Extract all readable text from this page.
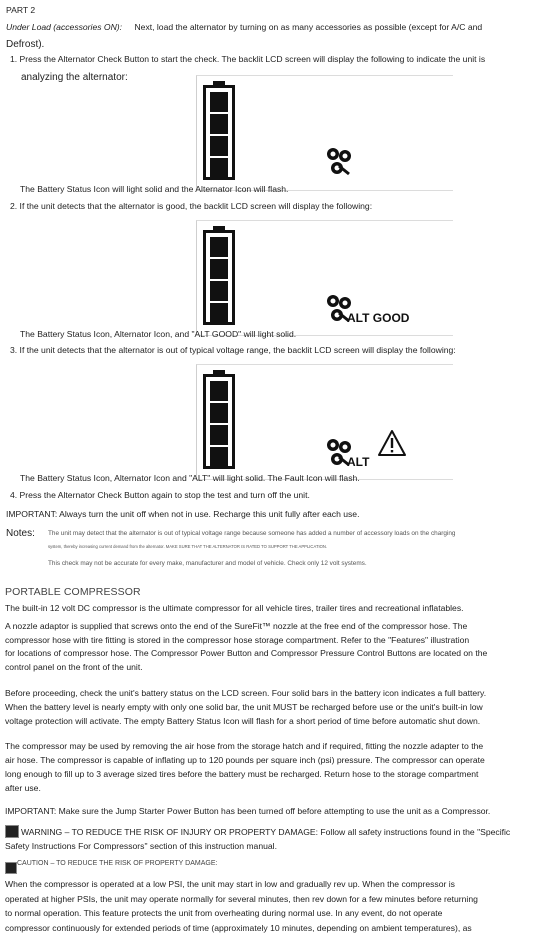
PART 2
Under Load (accessories ON): Next, load the alternator by turning on as many accessories as possible (except for A/C and
Defrost).
1. Press the Alternator Check Button to start the check. The backlit LCD screen will display the following to indicate the unit is
analyzing the alternator:
The Battery Status Icon will light solid and the Alternator Icon will flash.
2. If the unit detects that the alternator is good, the backlit LCD screen will display the following:
ALT GOOD
The Battery Status Icon, Alternator Icon, and "ALT GOOD" will light solid.
3. If the unit detects that the alternator is out of typical voltage range, the backlit LCD screen will display the following:
ALT
The Battery Status Icon, Alternator Icon and "ALT" will light solid. The Fault Icon will flash.
4. Press the Alternator Check Button again to stop the test and turn off the unit.
IMPORTANT: Always turn the unit off when not in use. Recharge this unit fully after each use.
Notes: The unit may detect that the alternator is out of typical voltage range because someone has added a number of accessory loads on the charging
system, thereby increasing current demand from the alternator. MAKE SURE THAT THE ALTERNATOR IS RATED TO SUPPORT THE APPLICATION.
This check may not be accurate for every make, manufacturer and model of vehicle. Check only 12 volt systems.
PORTABLE COMPRESSOR
The built-in 12 volt DC compressor is the ultimate compressor for all vehicle tires, trailer tires and recreational inflatables.
A nozzle adaptor is supplied that screws onto the end of the SureFit™ nozzle at the free end of the compressor hose. The
compressor hose with tire fitting is stored in the compressor hose storage compartment. Refer to the "Features" illustration
for locations of compressor hose. The Compressor Power Button and Compressor Pressure Control Buttons are located on the
control panel on the front of the unit.
Before proceeding, check the unit's battery status on the LCD screen. Four solid bars in the battery icon indicates a full battery.
When the battery level is nearly empty with only one solid bar, the unit MUST be recharged before use or the unit's built-in low
voltage protection will activate. The empty Battery Status Icon will flash for a short period of time before automatic shut down.
The compressor may be used by removing the air hose from the storage hatch and if required, fitting the nozzle adapter to the
air hose. The compressor is capable of inflating up to 120 pounds per square inch (psi) pressure. The compressor can operate
long enough to fill up to 3 average sized tires before the battery must be recharged. Return hose to the storage compartment
after use.
IMPORTANT: Make sure the Jump Starter Power Button has been turned off before attempting to use the unit as a Compressor.
WARNING – TO REDUCE THE RISK OF INJURY OR PROPERTY DAMAGE: Follow all safety instructions found in the "Specific
Safety Instructions For Compressors" section of this instruction manual.
$^{CAUTION - TO REDUCE THE RISK OF PROPERTY DAMAGE:}$
When the compressor is operated at a low PSI, the unit may start in low and gradually rev up. When the compressor is
operated at higher PSIs, the unit may operate normally for several minutes, then rev down for a few minutes before returning
to normal operation. This feature protects the unit from overheating during normal use. In any event, do not operate
compressor continuously for extended periods of time (approximately 10 minutes, depending on ambient temperatures), as
